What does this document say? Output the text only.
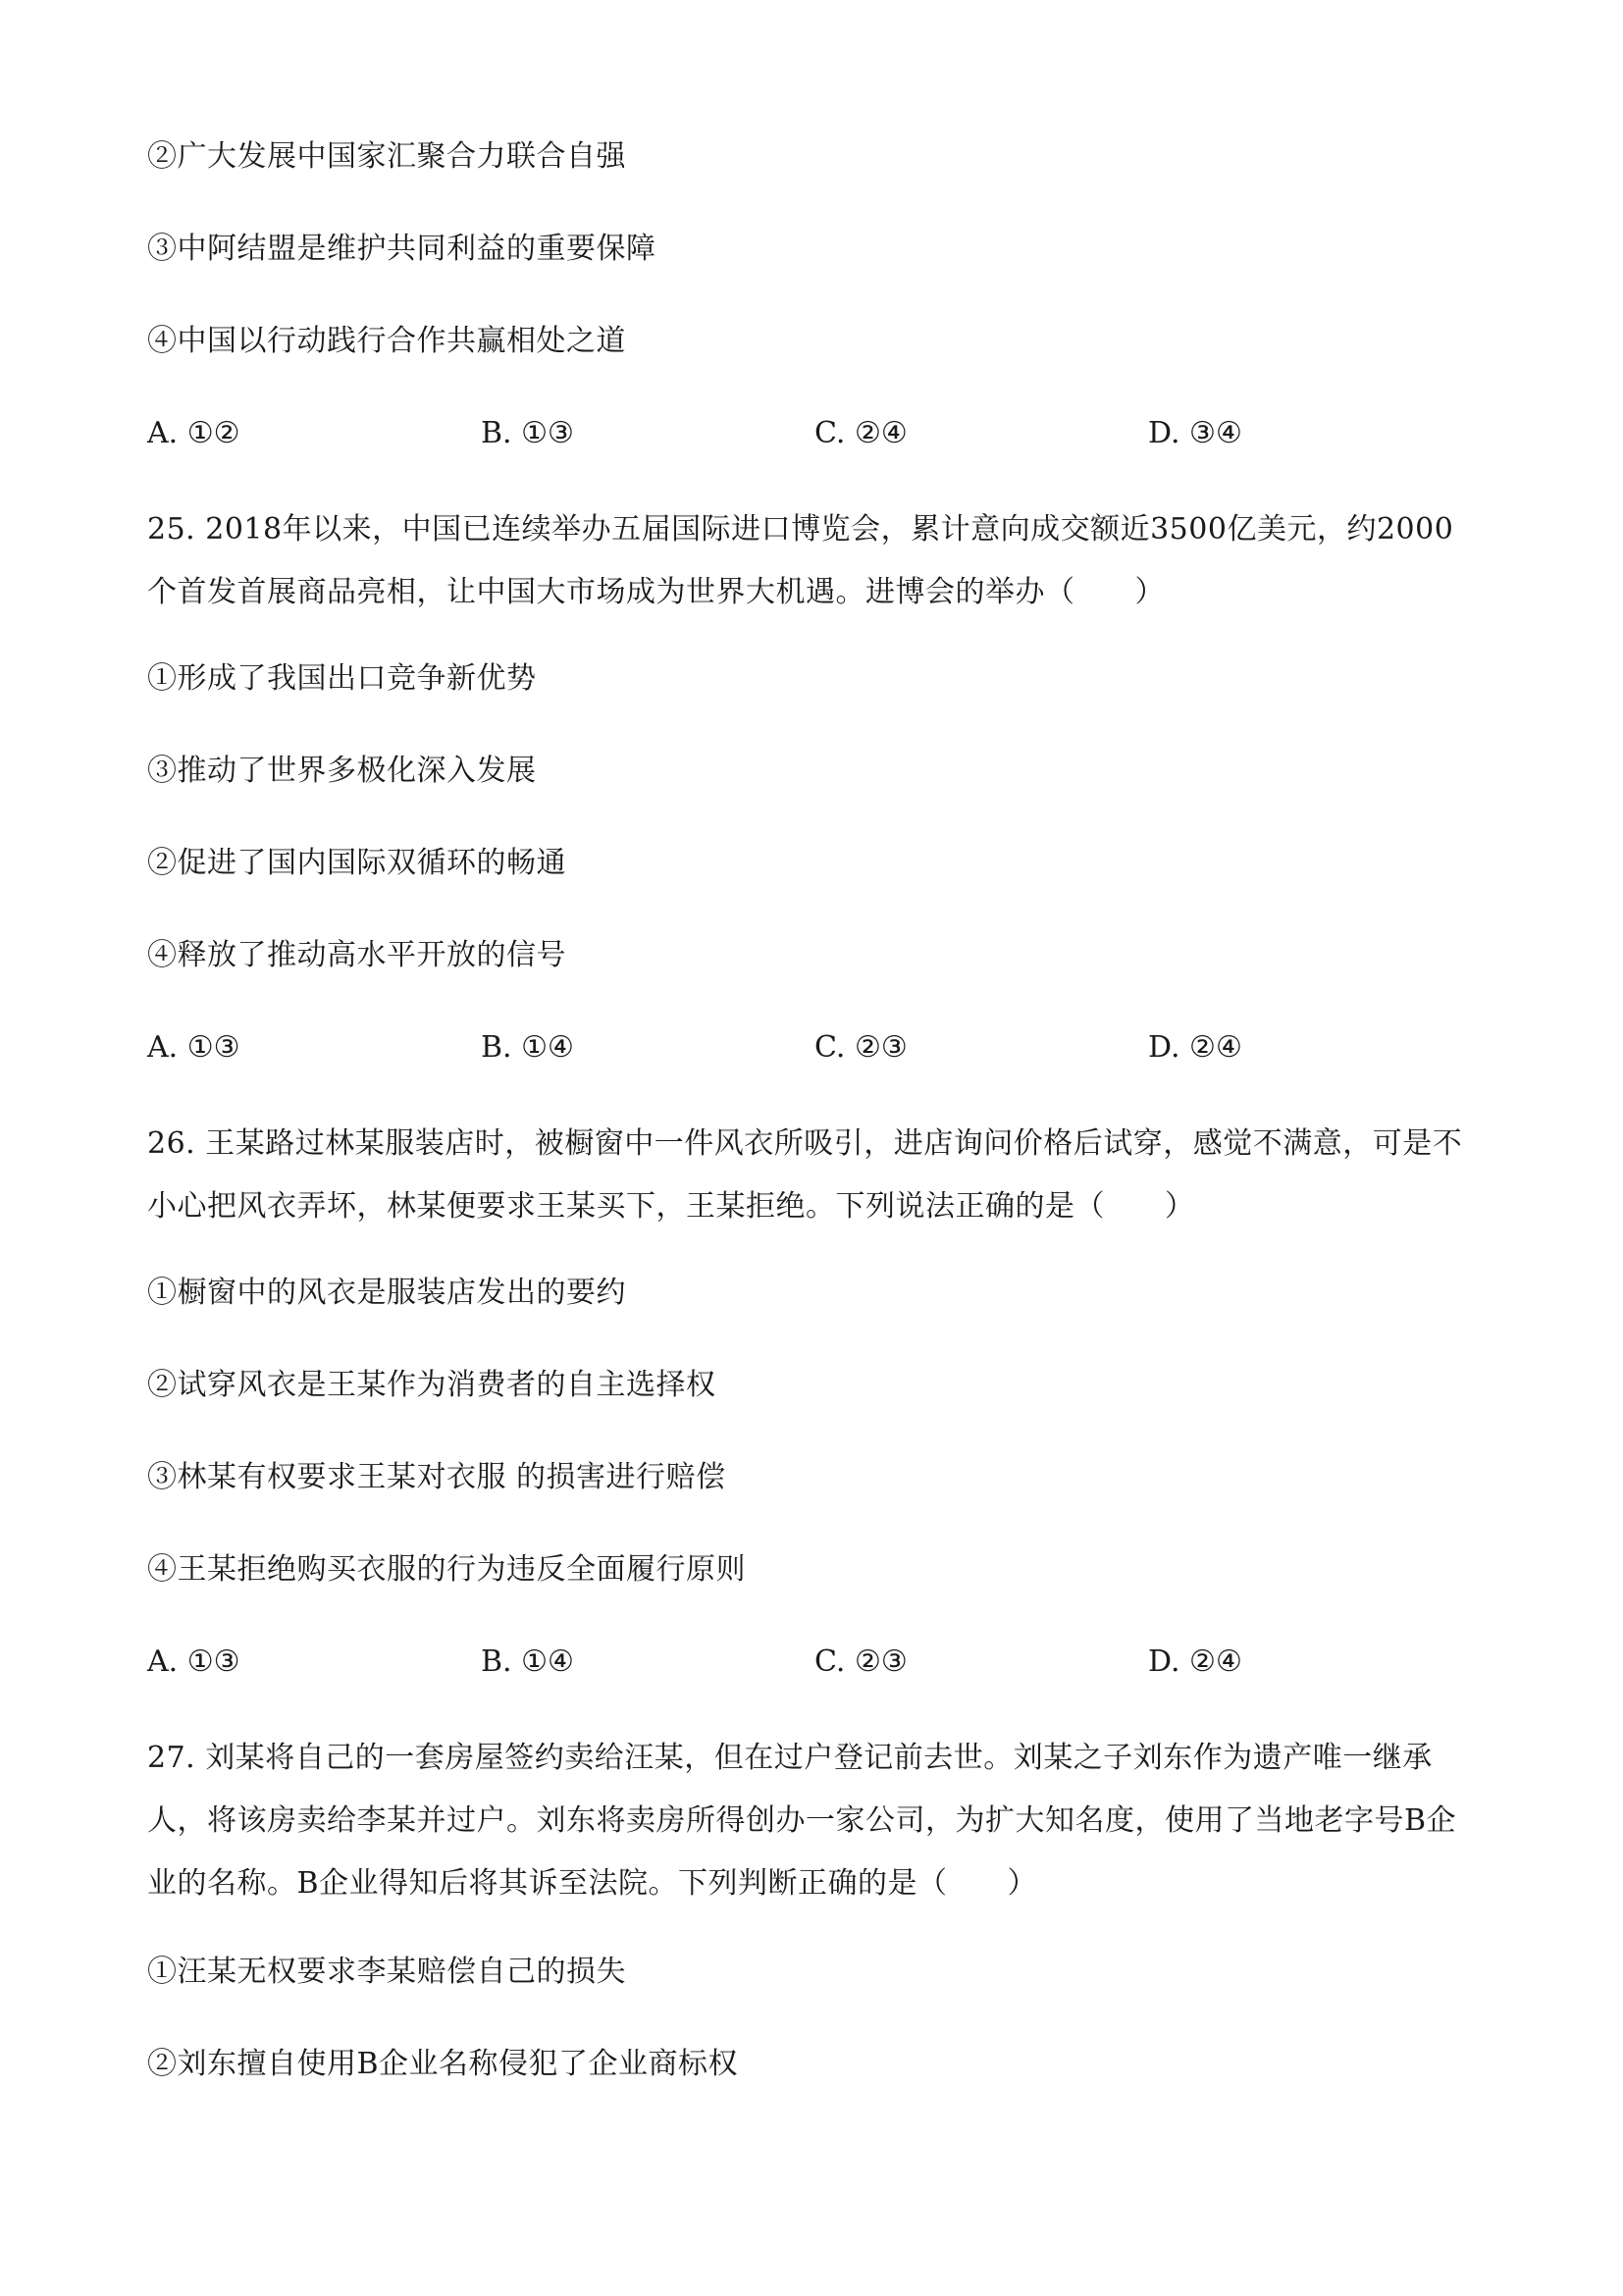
②广大发展中国家汇聚合力联合自强
③中阿结盟是维护共同利益的重要保障
④中国以行动践行合作共赢相处之道
A. ①②	B. ①③	C. ②④	D. ③④
25. 2018年以来，中国已连续举办五届国际进口博览会，累计意向成交额近3500亿美元，约2000个首发首展商品亮相，让中国大市场成为世界大机遇。进博会的举办（　　）
①形成了我国出口竞争新优势
③推动了世界多极化深入发展
②促进了国内国际双循环的畅通
④释放了推动高水平开放的信号
A. ①③	B. ①④	C. ②③	D. ②④
26. 王某路过林某服装店时，被橱窗中一件风衣所吸引，进店询问价格后试穿，感觉不满意，可是不小心把风衣弄坏，林某便要求王某买下，王某拒绝。下列说法正确的是（　　）
①橱窗中的风衣是服装店发出的要约
②试穿风衣是王某作为消费者的自主选择权
③林某有权要求王某对衣服 的损害进行赔偿
④王某拒绝购买衣服的行为违反全面履行原则
A. ①③	B. ①④	C. ②③	D. ②④
27. 刘某将自己的一套房屋签约卖给汪某，但在过户登记前去世。刘某之子刘东作为遗产唯一继承人，将该房卖给李某并过户。刘东将卖房所得创办一家公司，为扩大知名度，使用了当地老字号B企业的名称。B企业得知后将其诉至法院。下列判断正确的是（　　）
①汪某无权要求李某赔偿自己的损失
②刘东擅自使用B企业名称侵犯了企业商标权
